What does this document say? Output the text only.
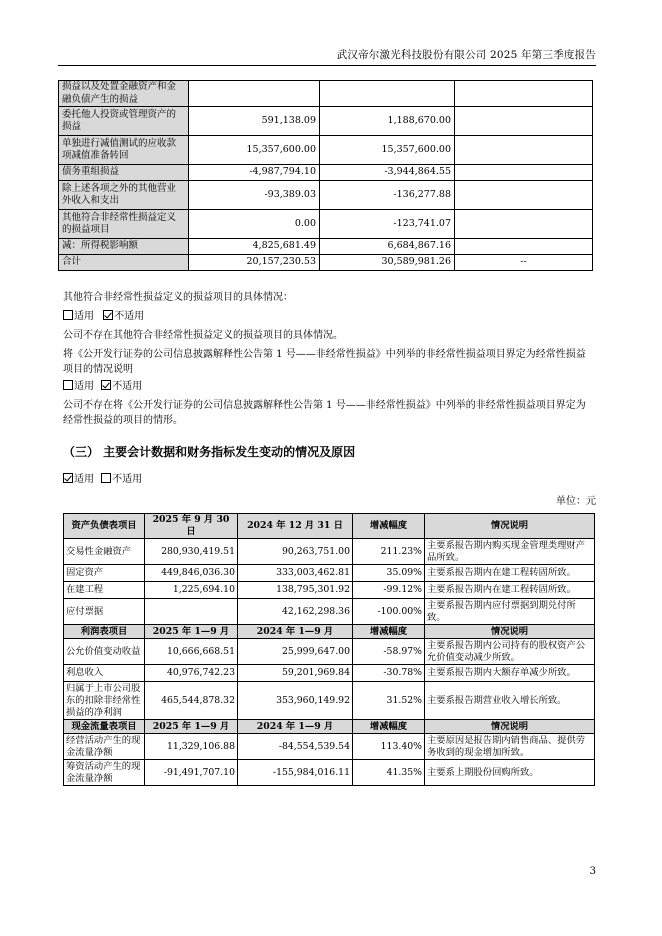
武汉帝尔激光科技股份有限公司 2025 年第三季度报告
损益以及处置金融资产和金融负债产生的损益			
委托他人投资或管理资产的损益	591,138.09	1,188,670.00	
单独进行减值测试的应收款项减值准备转回	15,357,600.00	15,357,600.00	
债务重组损益	-4,987,794.10	-3,944,864.55	
除上述各项之外的其他营业外收入和支出	-93,389.03	-136,277.88	
其他符合非经常性损益定义的损益项目	0.00	-123,741.07	
减：所得税影响额	4,825,681.49	6,684,867.16	
合计	20,157,230.53	30,589,981.26	--
其他符合非经常性损益定义的损益项目的具体情况：
适用 不适用
公司不存在其他符合非经常性损益定义的损益项目的具体情况。
将《公开发行证券的公司信息披露解释性公告第 1 号——非经常性损益》中列举的非经常性损益项目界定为经常性损益项目的情况说明
适用 不适用
公司不存在将《公开发行证券的公司信息披露解释性公告第 1 号——非经常性损益》中列举的非经常性损益项目界定为经常性损益的项目的情形。
（三） 主要会计数据和财务指标发生变动的情况及原因
适用 不适用
单位：元
资产负债表项目	2025 年 9 月 30 日	2024 年 12 月 31 日	增减幅度	情况说明
交易性金融资产	280,930,419.51	90,263,751.00	211.23%	主要系报告期内购买现金管理类理财产品所致。
固定资产	449,846,036.30	333,003,462.81	35.09%	主要系报告期内在建工程转固所致。
在建工程	1,225,694.10	138,795,301.92	-99.12%	主要系报告期内在建工程转固所致。
应付票据		42,162,298.36	-100.00%	主要系报告期内应付票据到期兑付所致。
利润表项目	2025 年 1—9 月	2024 年 1—9 月	增减幅度	情况说明
公允价值变动收益	10,666,668.51	25,999,647.00	-58.97%	主要系报告期内公司持有的股权资产公允价值变动减少所致。
利息收入	40,976,742.23	59,201,969.84	-30.78%	主要系报告期内大额存单减少所致。
归属于上市公司股东的扣除非经常性损益的净利润	465,544,878.32	353,960,149.92	31.52%	主要系报告期营业收入增长所致。
现金流量表项目	2025 年 1—9 月	2024 年 1—9 月	增减幅度	情况说明
经营活动产生的现金流量净额	11,329,106.88	-84,554,539.54	113.40%	主要原因是报告期内销售商品、提供劳务收到的现金增加所致。
筹资活动产生的现金流量净额	-91,491,707.10	-155,984,016.11	41.35%	主要系上期股份回购所致。
3
